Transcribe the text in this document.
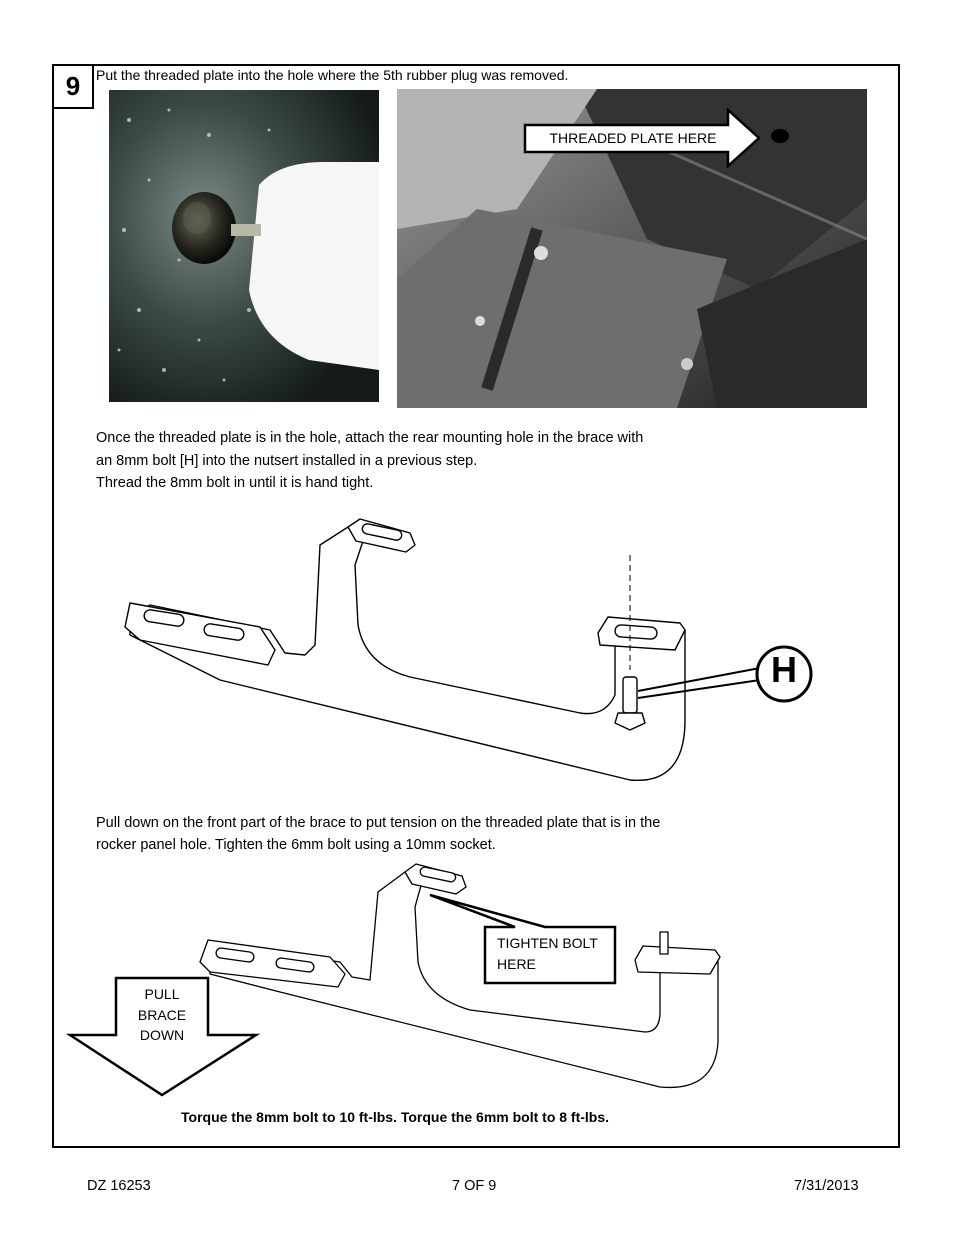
9	Put the threaded plate into the hole where the 5th rubber plug was removed.
THREADED PLATE HERE
Once the threaded plate is in the hole, attach the rear mounting hole in the brace with
an 8mm bolt [H] into the nutsert installed in a previous step.
Thread the 8mm bolt in until it is hand tight.
H
Pull down on the front part of the brace to put tension on the threaded plate that is in the
rocker panel hole. Tighten the 6mm bolt using a 10mm socket.
TIGHTEN BOLT
HERE
PULL
BRACE
DOWN
Torque the 8mm bolt to 10 ft-lbs. Torque the 6mm bolt to 8 ft-lbs.
DZ 16253	7 OF 9	7/31/2013
